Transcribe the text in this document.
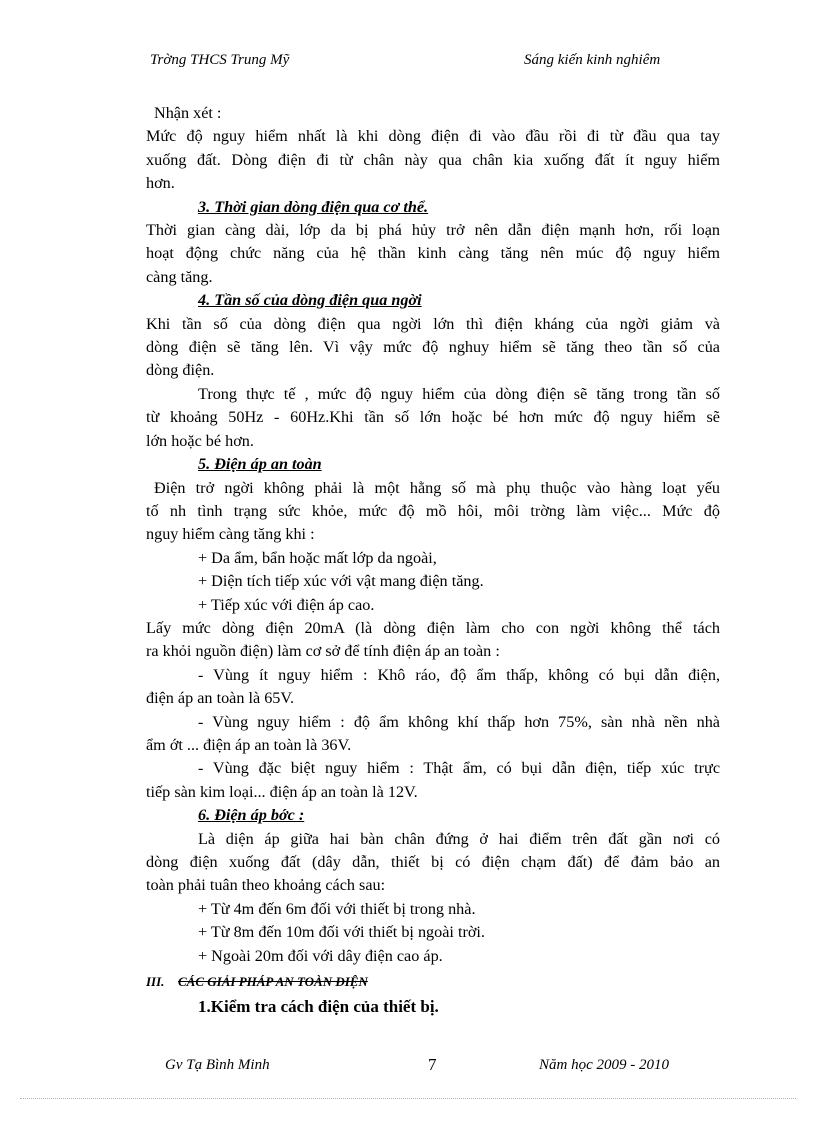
Trờng THCS Trung Mỹ	Sáng kiến kinh nghiêm

Nhận xét :

Mức độ nguy hiểm nhất là khi dòng điện đi vào đầu rồi đi từ đầu qua tay

xuống đất. Dòng điện đi từ chân này qua chân kia xuống đất ít nguy hiểm

hơn.

3. Thời gian dòng điện qua cơ thể.

Thời gian càng dài, lớp da bị phá hủy trở nên dẫn điện mạnh hơn, rối loạn

hoạt động chức năng của hệ thần kinh càng tăng nên múc độ nguy hiểm

càng tăng.

4. Tần số của dòng điện qua ngời

Khi tần số của dòng điện qua ngời lớn thì điện kháng của ngời giảm và

dòng điện sẽ tăng lên. Vì vậy mức độ nghuy hiểm sẽ tăng theo tần số của

dòng điện.

Trong thực tế , mức độ nguy hiểm của dòng điện sẽ tăng trong tần số

từ khoảng 50Hz - 60Hz.Khi tần số lớn hoặc bé hơn mức độ nguy hiểm sẽ

lớn hoặc bé hơn.

5. Điện áp an toàn

Điện trở ngời không phải là một hằng số mà phụ thuộc vào hàng loạt yếu

tố nh tình trạng sức khỏe, mức độ mồ hôi, môi trờng làm việc... Mức độ

nguy hiểm càng tăng khi :

+ Da ẩm, bẩn hoặc mất lớp da ngoài,

+ Diện tích tiếp xúc với vật mang điện tăng.

+ Tiếp xúc với điện áp cao.

Lấy mức dòng điện 20mA (là dòng điện làm cho con ngời không thể tách

ra khỏi nguồn điện) làm cơ sở để tính điện áp an toàn :

- Vùng ít nguy hiểm : Khô ráo, độ ẩm thấp, không có bụi dẫn điện,

điện áp an toàn là 65V.

- Vùng nguy hiểm : độ ẩm không khí thấp hơn 75%, sàn nhà nền nhà

ẩm ớt ... điện áp an toàn là 36V.

- Vùng đặc biệt nguy hiểm : Thật ẩm, có bụi dẫn điện, tiếp xúc trực

tiếp sàn kim loại... điện áp an toàn là 12V.

6. Điện áp bớc :

Là diện áp giữa hai bàn chân đứng ở hai điểm trên đất gần nơi có

dòng điện xuống đất (dây dẫn, thiết bị có điện chạm đất) để đảm bảo an

toàn phải tuân theo khoảng cách sau:

+ Từ 4m đến 6m đối với thiết bị trong nhà.

+ Từ 8m đến 10m đối với thiết bị ngoài trời.

+ Ngoài 20m đối với dây điện cao áp.

III. CÁC GIẢI PHÁP AN TOÀN ĐIỆN

1.Kiểm tra cách điện của thiết bị.

Gv Tạ Bình Minh	7	Năm học 2009 - 2010
